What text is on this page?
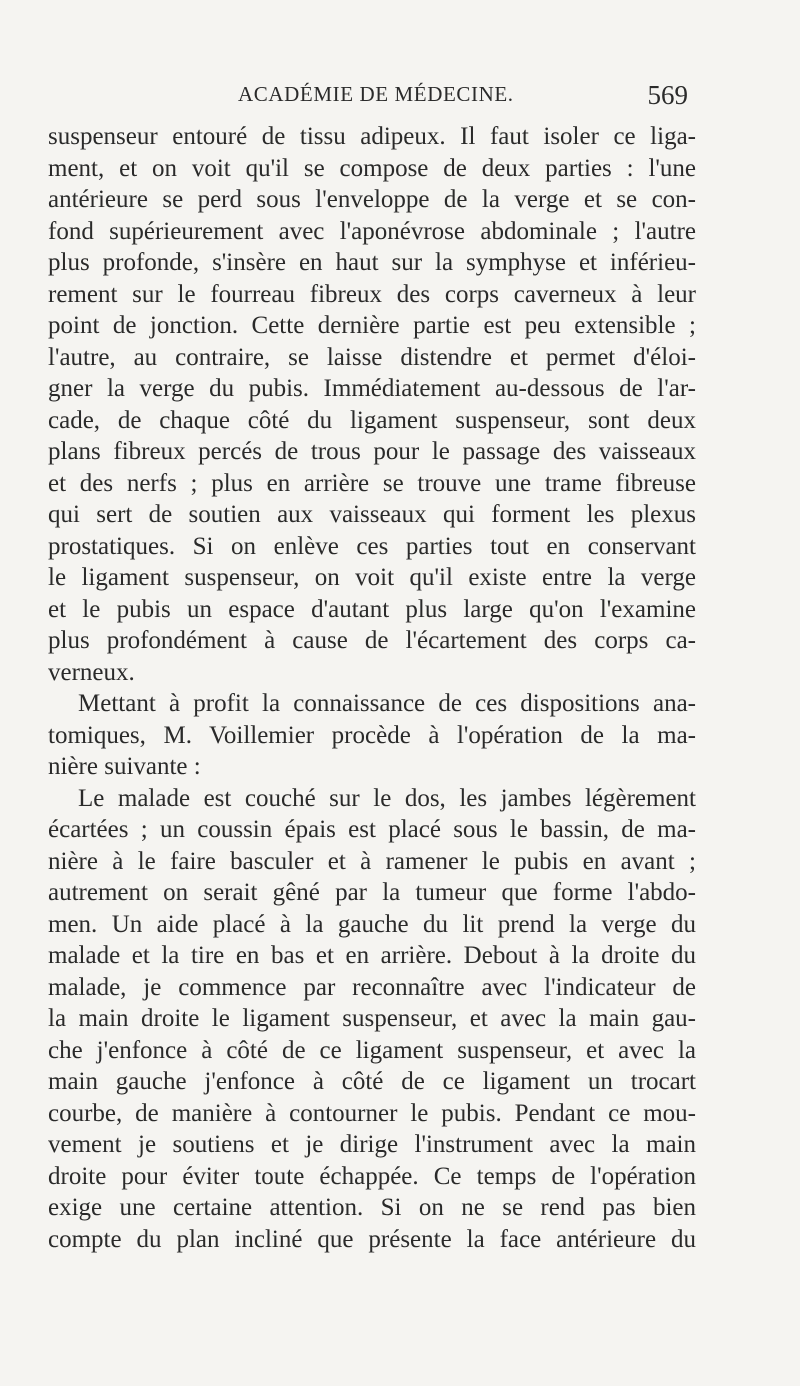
ACADÉMIE DE MÉDECINE.	569
suspenseur entouré de tissu adipeux. Il faut isoler ce liga-
ment, et on voit qu'il se compose de deux parties : l'une
antérieure se perd sous l'enveloppe de la verge et se con-
fond supérieurement avec l'aponévrose abdominale ; l'autre
plus profonde, s'insère en haut sur la symphyse et inférieu-
rement sur le fourreau fibreux des corps caverneux à leur
point de jonction. Cette dernière partie est peu extensible ;
l'autre, au contraire, se laisse distendre et permet d'éloi-
gner la verge du pubis. Immédiatement au-dessous de l'ar-
cade, de chaque côté du ligament suspenseur, sont deux
plans fibreux percés de trous pour le passage des vaisseaux
et des nerfs ; plus en arrière se trouve une trame fibreuse
qui sert de soutien aux vaisseaux qui forment les plexus
prostatiques. Si on enlève ces parties tout en conservant
le ligament suspenseur, on voit qu'il existe entre la verge
et le pubis un espace d'autant plus large qu'on l'examine
plus profondément à cause de l'écartement des corps ca-
verneux.
Mettant à profit la connaissance de ces dispositions ana-
tomiques, M. Voillemier procède à l'opération de la ma-
nière suivante :
Le malade est couché sur le dos, les jambes légèrement
écartées ; un coussin épais est placé sous le bassin, de ma-
nière à le faire basculer et à ramener le pubis en avant ;
autrement on serait gêné par la tumeur que forme l'abdo-
men. Un aide placé à la gauche du lit prend la verge du
malade et la tire en bas et en arrière. Debout à la droite du
malade, je commence par reconnaître avec l'indicateur de
la main droite le ligament suspenseur, et avec la main gau-
che j'enfonce à côté de ce ligament suspenseur, et avec la
main gauche j'enfonce à côté de ce ligament un trocart
courbe, de manière à contourner le pubis. Pendant ce mou-
vement je soutiens et je dirige l'instrument avec la main
droite pour éviter toute échappée. Ce temps de l'opération
exige une certaine attention. Si on ne se rend pas bien
compte du plan incliné que présente la face antérieure du
